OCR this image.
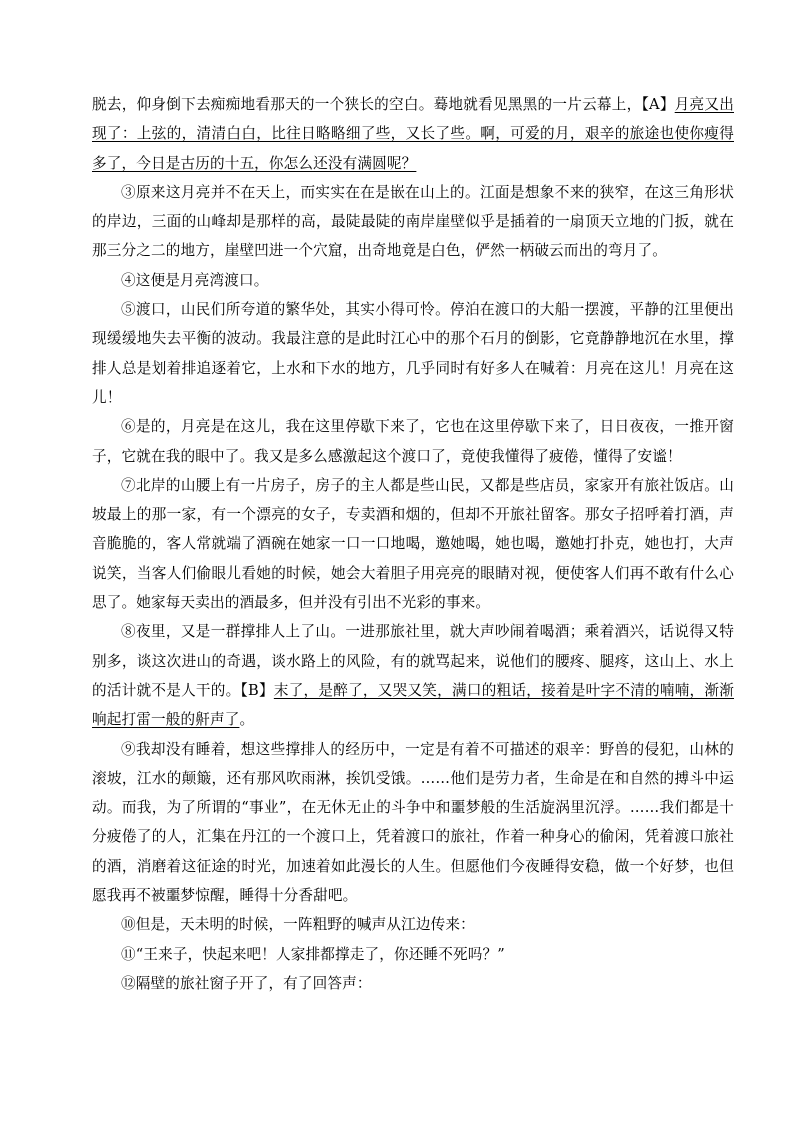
脱去，仰身倒下去痴痴地看那天的一个狭长的空白。蓦地就看见黑黑的一片云幕上，【A】月亮又出现了：上弦的，清清白白，比往日略略细了些，又长了些。啊，可爱的月，艰辛的旅途也使你瘦得多了，今日是古历的十五，你怎么还没有满圆呢？

③原来这月亮并不在天上，而实实在在是嵌在山上的。江面是想象不来的狭窄，在这三角形状的岸边，三面的山峰却是那样的高，最陡最陡的南岸崖壁似乎是插着的一扇顶天立地的门扳，就在那三分之二的地方，崖壁凹进一个穴窟，出奇地竟是白色，俨然一柄破云而出的弯月了。

④这便是月亮湾渡口。

⑤渡口，山民们所夸道的繁华处，其实小得可怜。停泊在渡口的大船一摆渡，平静的江里便出现缓缓地失去平衡的波动。我最注意的是此时江心中的那个石月的倒影，它竟静静地沉在水里，撑排人总是划着排追逐着它，上水和下水的地方，几乎同时有好多人在喊着：月亮在这儿！月亮在这儿！

⑥是的，月亮是在这儿，我在这里停歇下来了，它也在这里停歇下来了，日日夜夜，一推开窗子，它就在我的眼中了。我又是多么感激起这个渡口了，竟使我懂得了疲倦，懂得了安谧！

⑦北岸的山腰上有一片房子，房子的主人都是些山民，又都是些店员，家家开有旅社饭店。山坡最上的那一家，有一个漂亮的女子，专卖酒和烟的，但却不开旅社留客。那女子招呼着打酒，声音脆脆的，客人常就端了酒碗在她家一口一口地喝，邀她喝，她也喝，邀她打扑克，她也打，大声说笑，当客人们偷眼儿看她的时候，她会大着胆子用亮亮的眼睛对视，便使客人们再不敢有什么心思了。她家每天卖出的酒最多，但并没有引出不光彩的事来。

⑧夜里，又是一群撑排人上了山。一进那旅社里，就大声吵闹着喝酒；乘着酒兴，话说得又特别多，谈这次进山的奇遇，谈水路上的风险，有的就骂起来，说他们的腰疼、腿疼，这山上、水上的活计就不是人干的。【B】末了，是醉了，又哭又笑，满口的粗话，接着是叶字不清的喃喃，渐渐响起打雷一般的鼾声了。

⑨我却没有睡着，想这些撑排人的经历中，一定是有着不可描述的艰辛：野兽的侵犯，山林的滚坡，江水的颠簸，还有那风吹雨淋，挨饥受饿。……他们是劳力者，生命是在和自然的搏斗中运动。而我，为了所谓的“事业”，在无休无止的斗争中和噩梦般的生活旋涡里沉浮。……我们都是十分疲倦了的人，汇集在丹江的一个渡口上，凭着渡口的旅社，作着一种身心的偷闲，凭着渡口旅社的酒，消磨着这征途的时光，加速着如此漫长的人生。但愿他们今夜睡得安稳，做一个好梦，也但愿我再不被噩梦惊醒，睡得十分香甜吧。

⑩但是，天未明的时候，一阵粗野的喊声从江边传来：

⑪“王来子，快起来吧！人家排都撑走了，你还睡不死吗？”

⑫隔壁的旅社窗子开了，有了回答声：
